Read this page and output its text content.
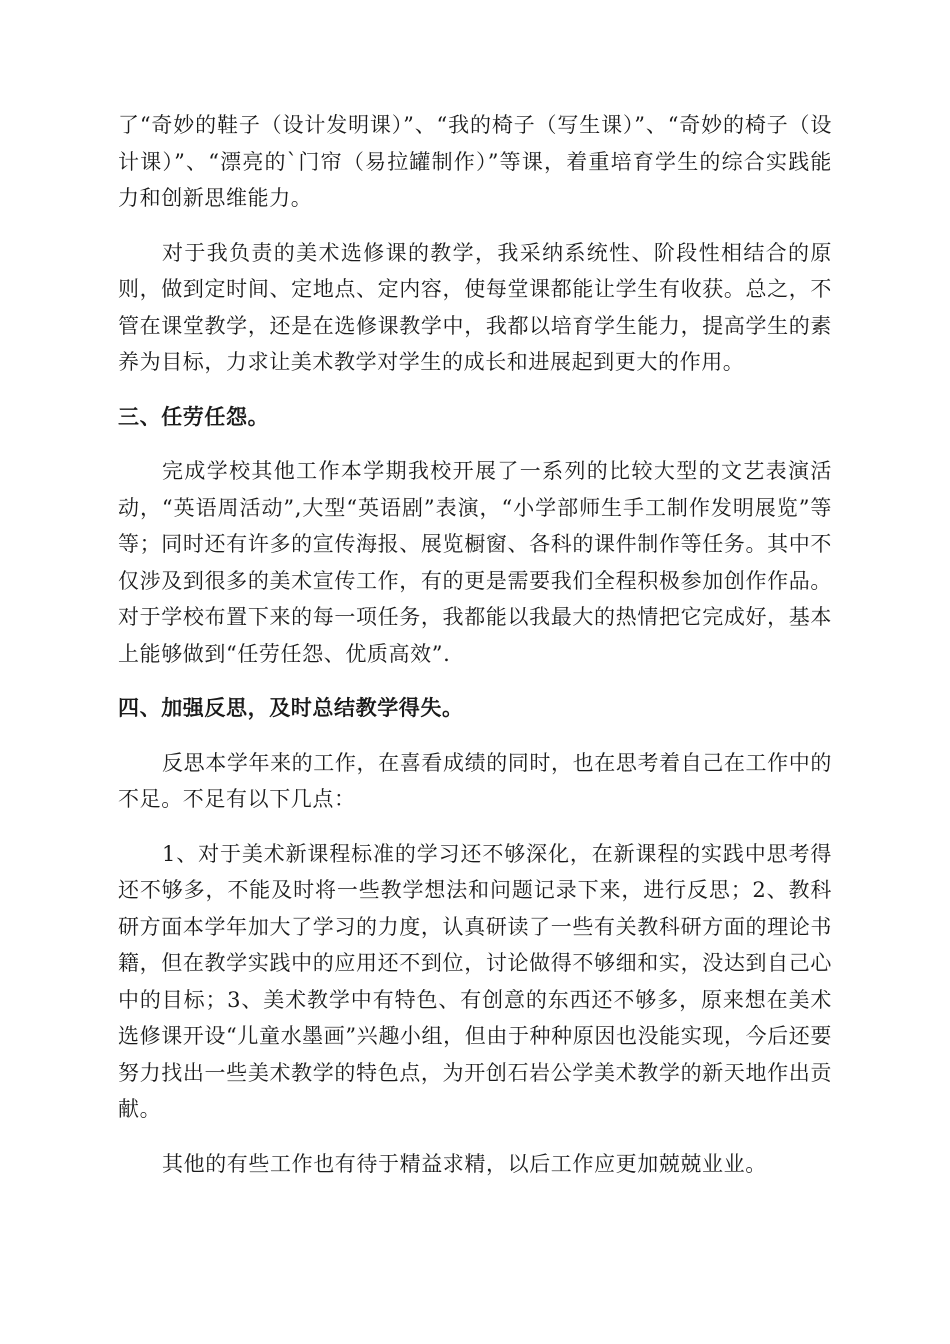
了“奇妙的鞋子（设计发明课）”、“我的椅子（写生课）”、“奇妙的椅子（设计课）”、“漂亮的`门帘（易拉罐制作）”等课，着重培育学生的综合实践能力和创新思维能力。

对于我负责的美术选修课的教学，我采纳系统性、阶段性相结合的原则，做到定时间、定地点、定内容，使每堂课都能让学生有收获。总之，不管在课堂教学，还是在选修课教学中，我都以培育学生能力，提高学生的素养为目标，力求让美术教学对学生的成长和进展起到更大的作用。

三、任劳任怨。

完成学校其他工作本学期我校开展了一系列的比较大型的文艺表演活动，“英语周活动”,大型“英语剧”表演，“小学部师生手工制作发明展览”等等；同时还有许多的宣传海报、展览橱窗、各科的课件制作等任务。其中不仅涉及到很多的美术宣传工作，有的更是需要我们全程积极参加创作作品。对于学校布置下来的每一项任务，我都能以我最大的热情把它完成好，基本上能够做到“任劳任怨、优质高效”.

四、加强反思，及时总结教学得失。

反思本学年来的工作，在喜看成绩的同时，也在思考着自己在工作中的不足。不足有以下几点：

1、对于美术新课程标准的学习还不够深化，在新课程的实践中思考得还不够多，不能及时将一些教学想法和问题记录下来，进行反思；2、教科研方面本学年加大了学习的力度，认真研读了一些有关教科研方面的理论书籍，但在教学实践中的应用还不到位，讨论做得不够细和实，没达到自己心中的目标；3、美术教学中有特色、有创意的东西还不够多，原来想在美术选修课开设“儿童水墨画”兴趣小组，但由于种种原因也没能实现，今后还要努力找出一些美术教学的特色点，为开创石岩公学美术教学的新天地作出贡献。

其他的有些工作也有待于精益求精，以后工作应更加兢兢业业。
